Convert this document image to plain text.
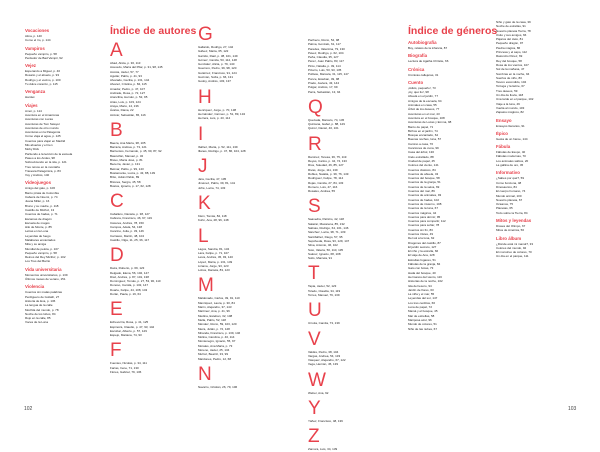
Vocaciones
Alma, p. 140
Como el río, p. 144
Vampiros
Pequeño vampiro, p. 58
Perdedor de Bad Vampir, 92
Vejez
Esperando a Miguel, p. 40
Rosario y el abuelo, p. 93
Rodrigo y el vecino, p. 100
Tu dulce corazón, p. 115
Venganza
Hamlet
Viajes
Amor, p. 114
Aventura en el Amazonas
Aventuras con Lucas
Aventuras de Tom Sawyer
Aventuras de otro mundo
Aventuras en la Patagonia
Cómo viaja el agua, p. 125
Cuentos para viajar en Madrid
Mis abuelos y el tren
Moby Dick
Partiendo a la lección de la escuela
Paseo a los Andes, 98
Sobreviviendo en la isla, p. 121
Tres reinos en la montaña
Travesía Patagónica, p. 83
Voy y Andrés, 140
Videojuegos
Amigo del gato, p. 106
Barco pirata de Colombia
Cabeza de Noemí, p. 74
Juana Miller, p. 16
Bruno y su madre, p. 118
Castillo de Micifuz, 13
Cuentos de hadas, p. 71
Escamas de dragón
Escuela de magos
Hilo de Monte, p. 85
Letras en la Luna
Leyendas de fuego
Malabares encantados
Mita y su amiga
Mundial de pelota, p. 107
Pequeño vampiro, p. 58
Reinos del Rey Micifuz, p. 102
Los Tres del Barrio
Vida universitaria
Momentos universitarios, p. 139
Últimos meses de verano, 151
Violencia
Cuentos sin malas palabras
Perdiguero de Goliath, 27
Historia de Eva, p. 136
La lengua de la calle
Mochila del mundo, p. 78
Noche de los lobos, 84
Rojo en la calle, 85
Voces de la Luna
Índice de autores
A
Abad, Alicia, p. 30, 113
Acevedo, María del Pilar, p. 31, 98, 145
Acosta, Javier, 57, 77
Aguilar, Pablo, p. 41, 93
Alvarado, Cecilia, p. 131, 144
Alvarez, Cristina, p. 84, 115
Amador, Pedro, p. 47, 107
Andrade, Rosa, p. 72, 127
Arancibia, Hernán, p. 52, 95
Arias, Luis, p. 103, 124
Araya, Mario, 14, 136
Ávalos, Diana, 22
Azócar, Sebastián, 65, 116
B
Baeza, Ana María, 38, 105
Barraza, Andrea, p. 73, 121
Barrientos, Fernando, p. 45, 60, 87, 92
Bascuñán, Manuel, p. 32
Bravo, María José, p. 81
Becerra, Javier, p. 131
Belmar, Pablo, p. 99, 143
Bustamante, Lucía, p. 43, 88, 139
Brito, Julián Pablo, 89
Briones, Sergio, 45, 58
Bustos, Ignacio, p. 17, 62, 128
C
Caballero, Daniela, p. 38, 127
Cabrera, Francisco, 46, 97, 119
Cáceres, Andrés, 78, 150
Campos, Adela, 54, 138
Cancino, Julia, p. 33, 146
Carrasco, Martín, 48, 104
Castillo, Olga, 11, 25, 36, 117
D
Daza, Roberto, p. 69, 123
Delgado, Elena, 56, 102, 147
Díaz, Andrés, p. 87, 101, 138
Domínguez, Tomás, p. 27, 53, 90, 110
Donoso, Camila, p. 132, 147
Duarte, Felipe, 44, 108, 143
Durán, Paula, p. 19, 64
E
Echeverría, Rosa, p. 41, 125
Espinoza, Claudio, p. 47, 93, 142
Escobar, Alberto, p. 57, 129
Espejo, Mariana, 74, 93
F
Fuentes, Nicolás, p. 34, 111
Farías, Irene, 71, 130
Flores, Gabriel, 79, 136
G
Gallardo, Rodrigo, 27, 142
Gálvez, Marta, 65, 122
Garrido, Raúl, p. 38, 101, 149
Gómez, Camila, 53, 112, 148
González, Alicia, p. 79, 140
Guerrero, Pedro, 39, 98, 120
Gutiérrez, Francisco, 91, 124
Guzmán, Sofía, p. 66, 131
Godoy, Andrés, 103, 137
H
Henríquez, Jorge, p. 70, 138
Hernández, Carmen, p. 51, 89, 134
Herrera, Luis, p. 43, 114
I
Ibáñez, Marta, p. 52, 111, 139
Illanes, Rodrigo, p. 47, 86, 104, 128
J
Jara, Cecilia, 47, 105
Jiménez, Pablo, 39, 81, 141
Jofré, Lucía, 74, 133
K
Klein, Tomás, 82, 118
Kuhn, Ana, 28, 96, 148
L
Lagos, Sandra, 81, 134
Lara, Felipe, p. 71, 107
Leiva, Andrés, 45, 93, 140
López, María, p. 131, 149
Lizama, Jorge, 93, 123
Lobos, Daniela, 83, 123
M
Maldonado, Carlos, 49, 91, 110
Manríquez, Laura, p. 30, 84
Marín, Alejandro, 37, 143
Martínez, Ana, p. 41, 96
Medina, Esteban, 32, 108
Mella, Pablo, 52, 118
Méndez, Rocío, 59, 103, 120
Meza, Julián, p. 72, 128
Miranda, Francisco, p. 139, 146
Molina, Carolina, p. 40, 114
Montenegro, Ignacio, 55, 97
Morales, Ana María, p. 73
Moreno, Javier, 25, 134
Muñoz, Beatriz, 33, 99
Mardones, Pedro, 12, 68
N
Navarro, Cristián, 26, 79, 106
102
Pacheco, Rocío, 54, 98
Palma, Gonzalo, 61, 117
Paredes, Valentina, 79, 130
Pavez, Rodrigo, p. 62, 104
Peña, Claudia, 35, 127
Pérez, Juan Pablo, 83, 117
Pinto, Natalia, p. 49, 114
Pizarro, Luis, 53, 93, 135
Poblete, Marcela, 31, 115, 147
Ponce, Esteban, 49, 98
Prado, Javiera, 43, 144
Pulgar, Andrés, 17, 99
Parra, Sebastián, 13, 94
Q
Quezada, Marcelo, 74, 145
Quintana, Isabel, p. 88, 129
Quiroz, Daniel, 40, 101
R
Ramírez, Teresa, 36, 75, 119
Reyes, Carlos, p. 44, 74, 133
Ríos, Soledad, 46, 85, 127
Rivas, Jorge, 111, 139
Robles, Natalia, p. 39, 76, 149
Rodríguez, Felipe, 78, 114
Rojas, Camila, 27, 84, 133
Romero, Luis, 47, 116
Rosales, Andrea, 55
S
Saavedra, Patricio, 42, 118
Salazar, Macarena, 85, 132
Salinas, Rodrigo, 64, 101, 146
Sánchez, Lucía, 38, 71, 139
Santibáñez, Diego, 57, 95
Sepúlveda, Rosa, 93, 129, 147
Silva, Antonio, 46, 102
Soto, Valeria, 50, 110, 135
Suárez, Ignacio, 68, 108
Solís, Marcela, 91
T
Tapia, Javier, 52, 123
Toledo, Claudia, 34, 119
Torres, Manuel, 79, 139
U
Urrutia, Camila, 73, 139
V
Valdés, Pedro, 38, 104
Vargas, Andrea, 54, 133
Vásquez, Alejandro, 67, 122
Vega, Hernán, 45, 139
W
Weber, Ana, 92
Y
Yáñez, Francisco, 48, 139
Z
Zamora, Luis, 34, 139
Índice de géneros
Autobiografía
Boy, relatos de la infancia, 87
Biografía
Lectura de Agatha Christie, 66
Crónica
Crónicas callejeras, 31
Cuento
¡Adiós, pequeño!, 73
¡Ay, qué lío!, 98
Abuela en el jardín, 77
Amigos de la escuela, 94
Animales en casa, 55
Árbol de los deseos, 77
Aventuras en el mar, 43
Aventura en el bosque, 108
Aventuras de Lucas y Emma, 98
Barco de papel, 71
Bichos en el jardín, 74
Bosque encantado, 64
Buenas noches, luna, 57
Camino a casa, 76
Canciones de cuna, 99
Casa del árbol, 130
Cielo estrellado, 88
Ciudad de papel, 45
Colores del viento, 141
Cuentos clásicos, 84
Cuentos de abuela, 43
Cuentos del bosque, 58
Cuentos de la granja, 51
Cuentos de la selva, 69
Cuentos del mar, 89
Cuentos de animales, 93
Cuentos de hadas, 102
Cuentos de invierno, 108
Cuentos de la luna, 67
Cuentos mágicos, 44
Cuentos para dormir, 95
Cuentos para compartir, 112
Cuentos para soñar, 78
Cuentos sin fin, 83
Cuentos tristes, 49
Del sol a la luna, 62
Dragones del castillo, 87
El jardín secreto, 127
El niño y la estrella, 66
El viaje de Ana, 128
Estrellas fugaces, 51
Fábulas de la granja, 84
Gato con botas, 73
Hada del bosque, 40
Hermanos del viento, 116
Historias de la noche, 102
Isla del tesoro, 94
Jardín de flores, 63
La niña y el mar, 55
Leyendas del sur, 147
Los tres cerditos, 66
Luna de papel, 72
Mamá y el bosque, 45
Mar de estrellas, 58
Mariposa azul, 96
Mundo de colores, 51
Niño de las nubes, 67
Niño y gato de la casa, 39
Noche de estrellas, 91
Nuestro planeta Tierra, 78
Osito y sus amigos, 66
Pájaros del cielo, 81
Pequeño dragón, 97
Piedra mágica, 86
Princesa y el sapo, 112
Ratoncito Pérez, 69
Rey del bosque, 58
Rosa de los vientos, 107
Sol de la mañana, 47
Sombras en la noche, 94
Sueños de niño, 83
Tesoro escondido, 104
Tortuga y la liebre, 67
Tres deseos, 59
Un día de lluvia, 118
Una tarde en el parque, 102
Viaje a la luna, 49
Vuelta al mundo, 103
Zapatos mágicos, 82
Ensayo
Ensayos literarios, 91
Épico
Gesta de un héroe, 144
Fábula
Fábulas de Esopo, 40
Fábulas modernas, 70
Los animales sabios, 20
La gallina de oro, 45
Informativo
¿Sabes por qué?, 59
Cómo funciona, 48
Dinosaurios, 84
El cuerpo humano, 74
Mundo animal, 100
Nuestro planeta, 67
Océanos, 75
Planetas, 65
Todo sobre la Tierra, 84
Mitos y leyendas
Dioses del Olimpo, 67
Mitos de América, 56
Libro álbum
¿Dónde está mi mamá?, 33
Colores del mundo, 92
El monstruo de colores, 70
Un día en el parque, 111
103
